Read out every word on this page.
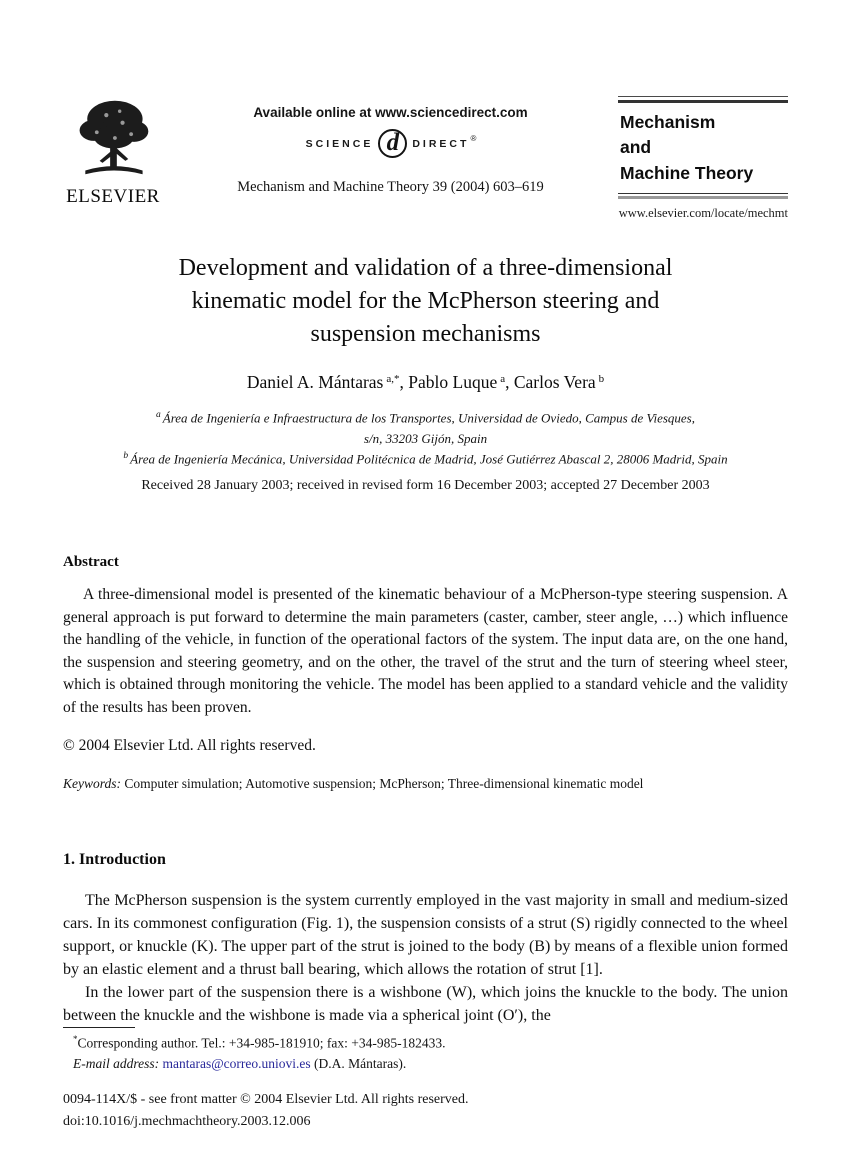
ELSEVIER
Available online at www.sciencedirect.com
SCIENCE d DIRECT ®
Mechanism and Machine Theory 39 (2004) 603–619
Mechanism
and
Machine Theory
www.elsevier.com/locate/mechmt
Development and validation of a three-dimensional
kinematic model for the McPherson steering and
suspension mechanisms
Daniel A. Mántaras $^{a,*}$, Pablo Luque $^a$, Carlos Vera $^b$
$^a$ Área de Ingeniería e Infraestructura de los Transportes, Universidad de Oviedo, Campus de Viesques,
s/n, 33203 Gijón, Spain
$^b$ Área de Ingeniería Mecánica, Universidad Politécnica de Madrid, José Gutiérrez Abascal 2, 28006 Madrid, Spain
Received 28 January 2003; received in revised form 16 December 2003; accepted 27 December 2003
Abstract

A three-dimensional model is presented of the kinematic behaviour of a McPherson-type steering suspension. A general approach is put forward to determine the main parameters (caster, camber, steer angle, …) which influence the handling of the vehicle, in function of the operational factors of the system. The input data are, on the one hand, the suspension and steering geometry, and on the other, the travel of the strut and the turn of steering wheel steer, which is obtained through monitoring the vehicle. The model has been applied to a standard vehicle and the validity of the results has been proven.

© 2004 Elsevier Ltd. All rights reserved.
Keywords: Computer simulation; Automotive suspension; McPherson; Three-dimensional kinematic model
1. Introduction

The McPherson suspension is the system currently employed in the vast majority in small and medium-sized cars. In its commonest configuration (Fig. 1), the suspension consists of a strut (S) rigidly connected to the wheel support, or knuckle (K). The upper part of the strut is joined to the body (B) by means of a flexible union formed by an elastic element and a thrust ball bearing, which allows the rotation of strut [1].

In the lower part of the suspension there is a wishbone (W), which joins the knuckle to the body. The union between the knuckle and the wishbone is made via a spherical joint (O′), the

*Corresponding author. Tel.: +34-985-181910; fax: +34-985-182433.
E-mail address: mantaras@correo.uniovi.es (D.A. Mántaras).
0094-114X/$ - see front matter © 2004 Elsevier Ltd. All rights reserved.
doi:10.1016/j.mechmachtheory.2003.12.006
